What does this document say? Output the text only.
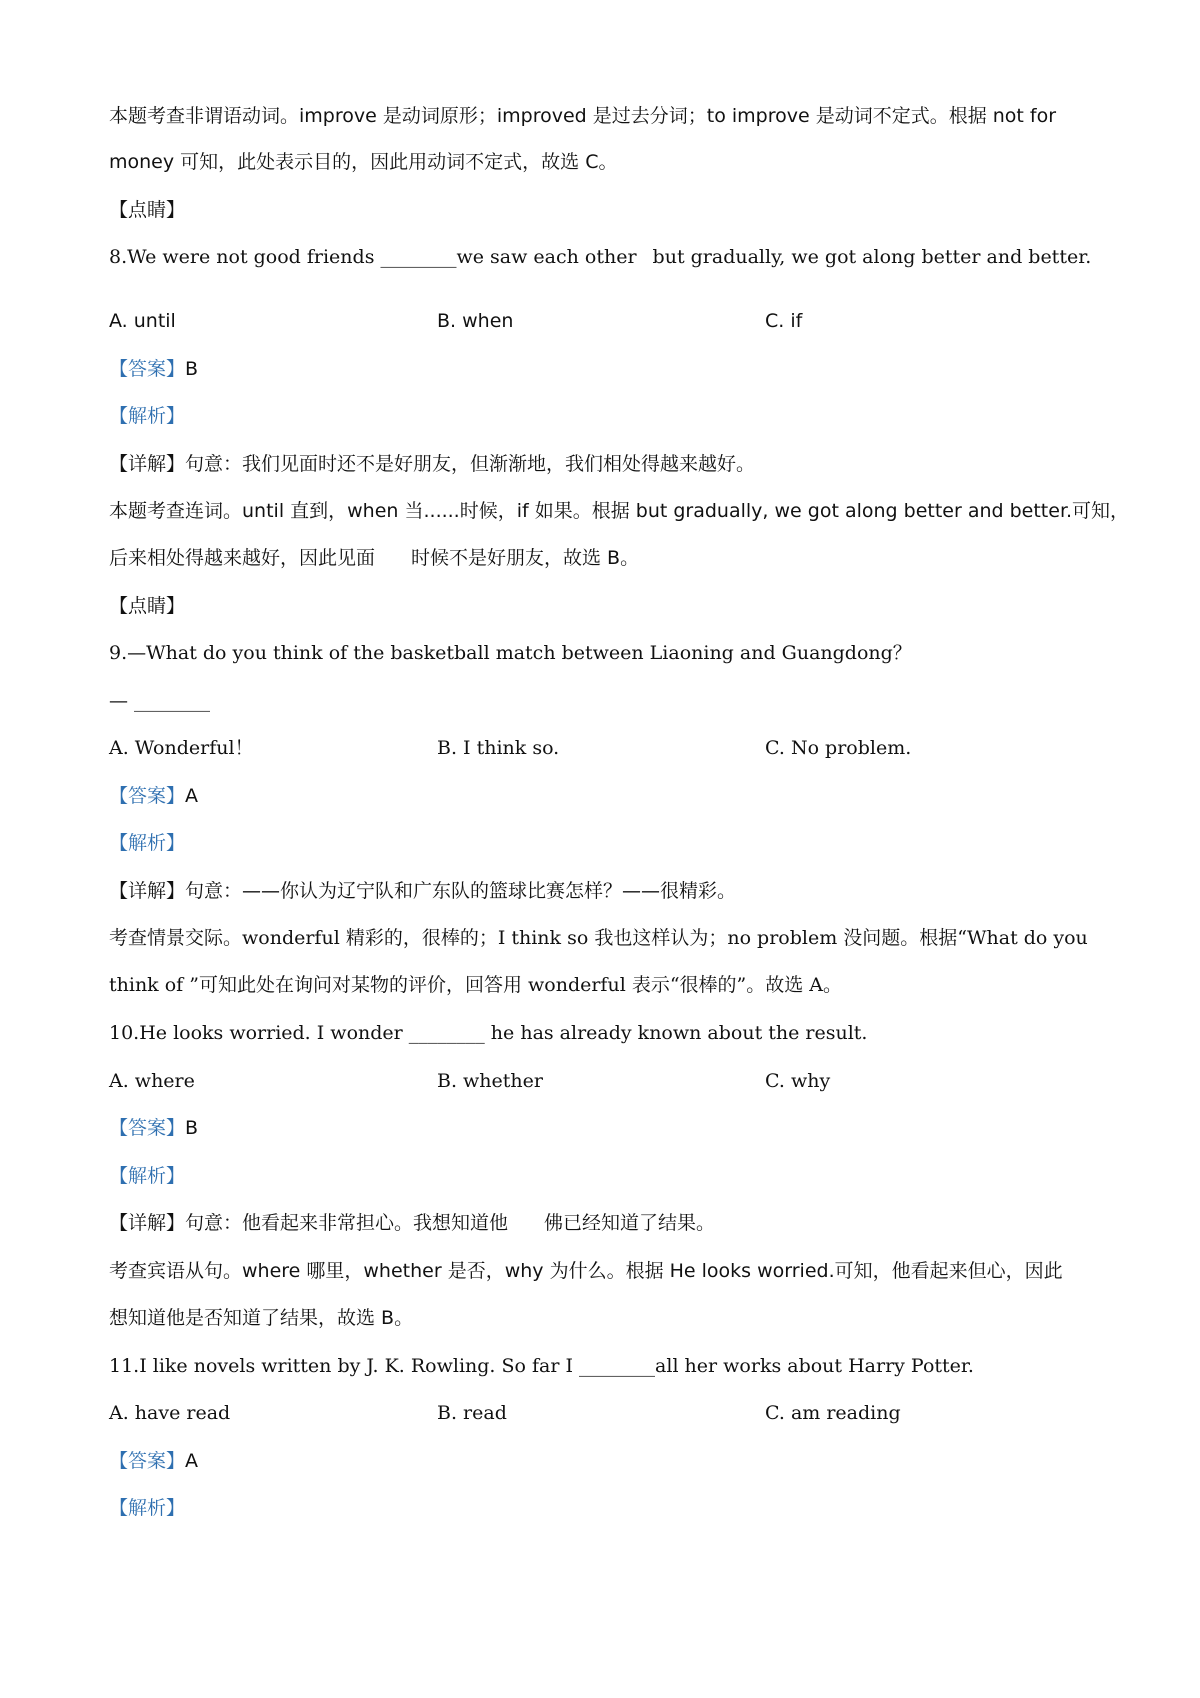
本题考查非谓语动词。improve 是动词原形；improved 是过去分词；to improve 是动词不定式。根据 not for
money 可知，此处表示目的，因此用动词不定式，故选 C。
【点睛】
8.We were not good friends ________we saw each other but gradually, we got along better and better.
A. until	B. when	C. if
【答案】B
【解析】
【详解】句意：我们见面时还不是好朋友，但渐渐地，我们相处得越来越好。
本题考查连词。until 直到，when 当......时候，if 如果。根据 but gradually, we got along better and better.可知，
后来相处得越来越好，因此见面 时候不是好朋友，故选 B。
【点睛】
9.—What do you think of the basketball match between Liaoning and Guangdong？
— ________
A. Wonderful！	B. I think so.	C. No problem.
【答案】A
【解析】
【详解】句意：——你认为辽宁队和广东队的篮球比赛怎样？——很精彩。
考查情景交际。wonderful 精彩的，很棒的；I think so 我也这样认为；no problem 没问题。根据“What do you
think of ”可知此处在询问对某物的评价，回答用 wonderful 表示“很棒的”。故选 A。
10.He looks worried. I wonder ________ he has already known about the result.
A. where	B. whether	C. why
【答案】B
【解析】
【详解】句意：他看起来非常担心。我想知道他 佛已经知道了结果。
考查宾语从句。where 哪里，whether 是否，why 为什么。根据 He looks worried.可知，他看起来但心，因此
想知道他是否知道了结果，故选 B。
11.I like novels written by J. K. Rowling. So far I ________all her works about Harry Potter.
A. have read	B. read	C. am reading
【答案】A
【解析】
